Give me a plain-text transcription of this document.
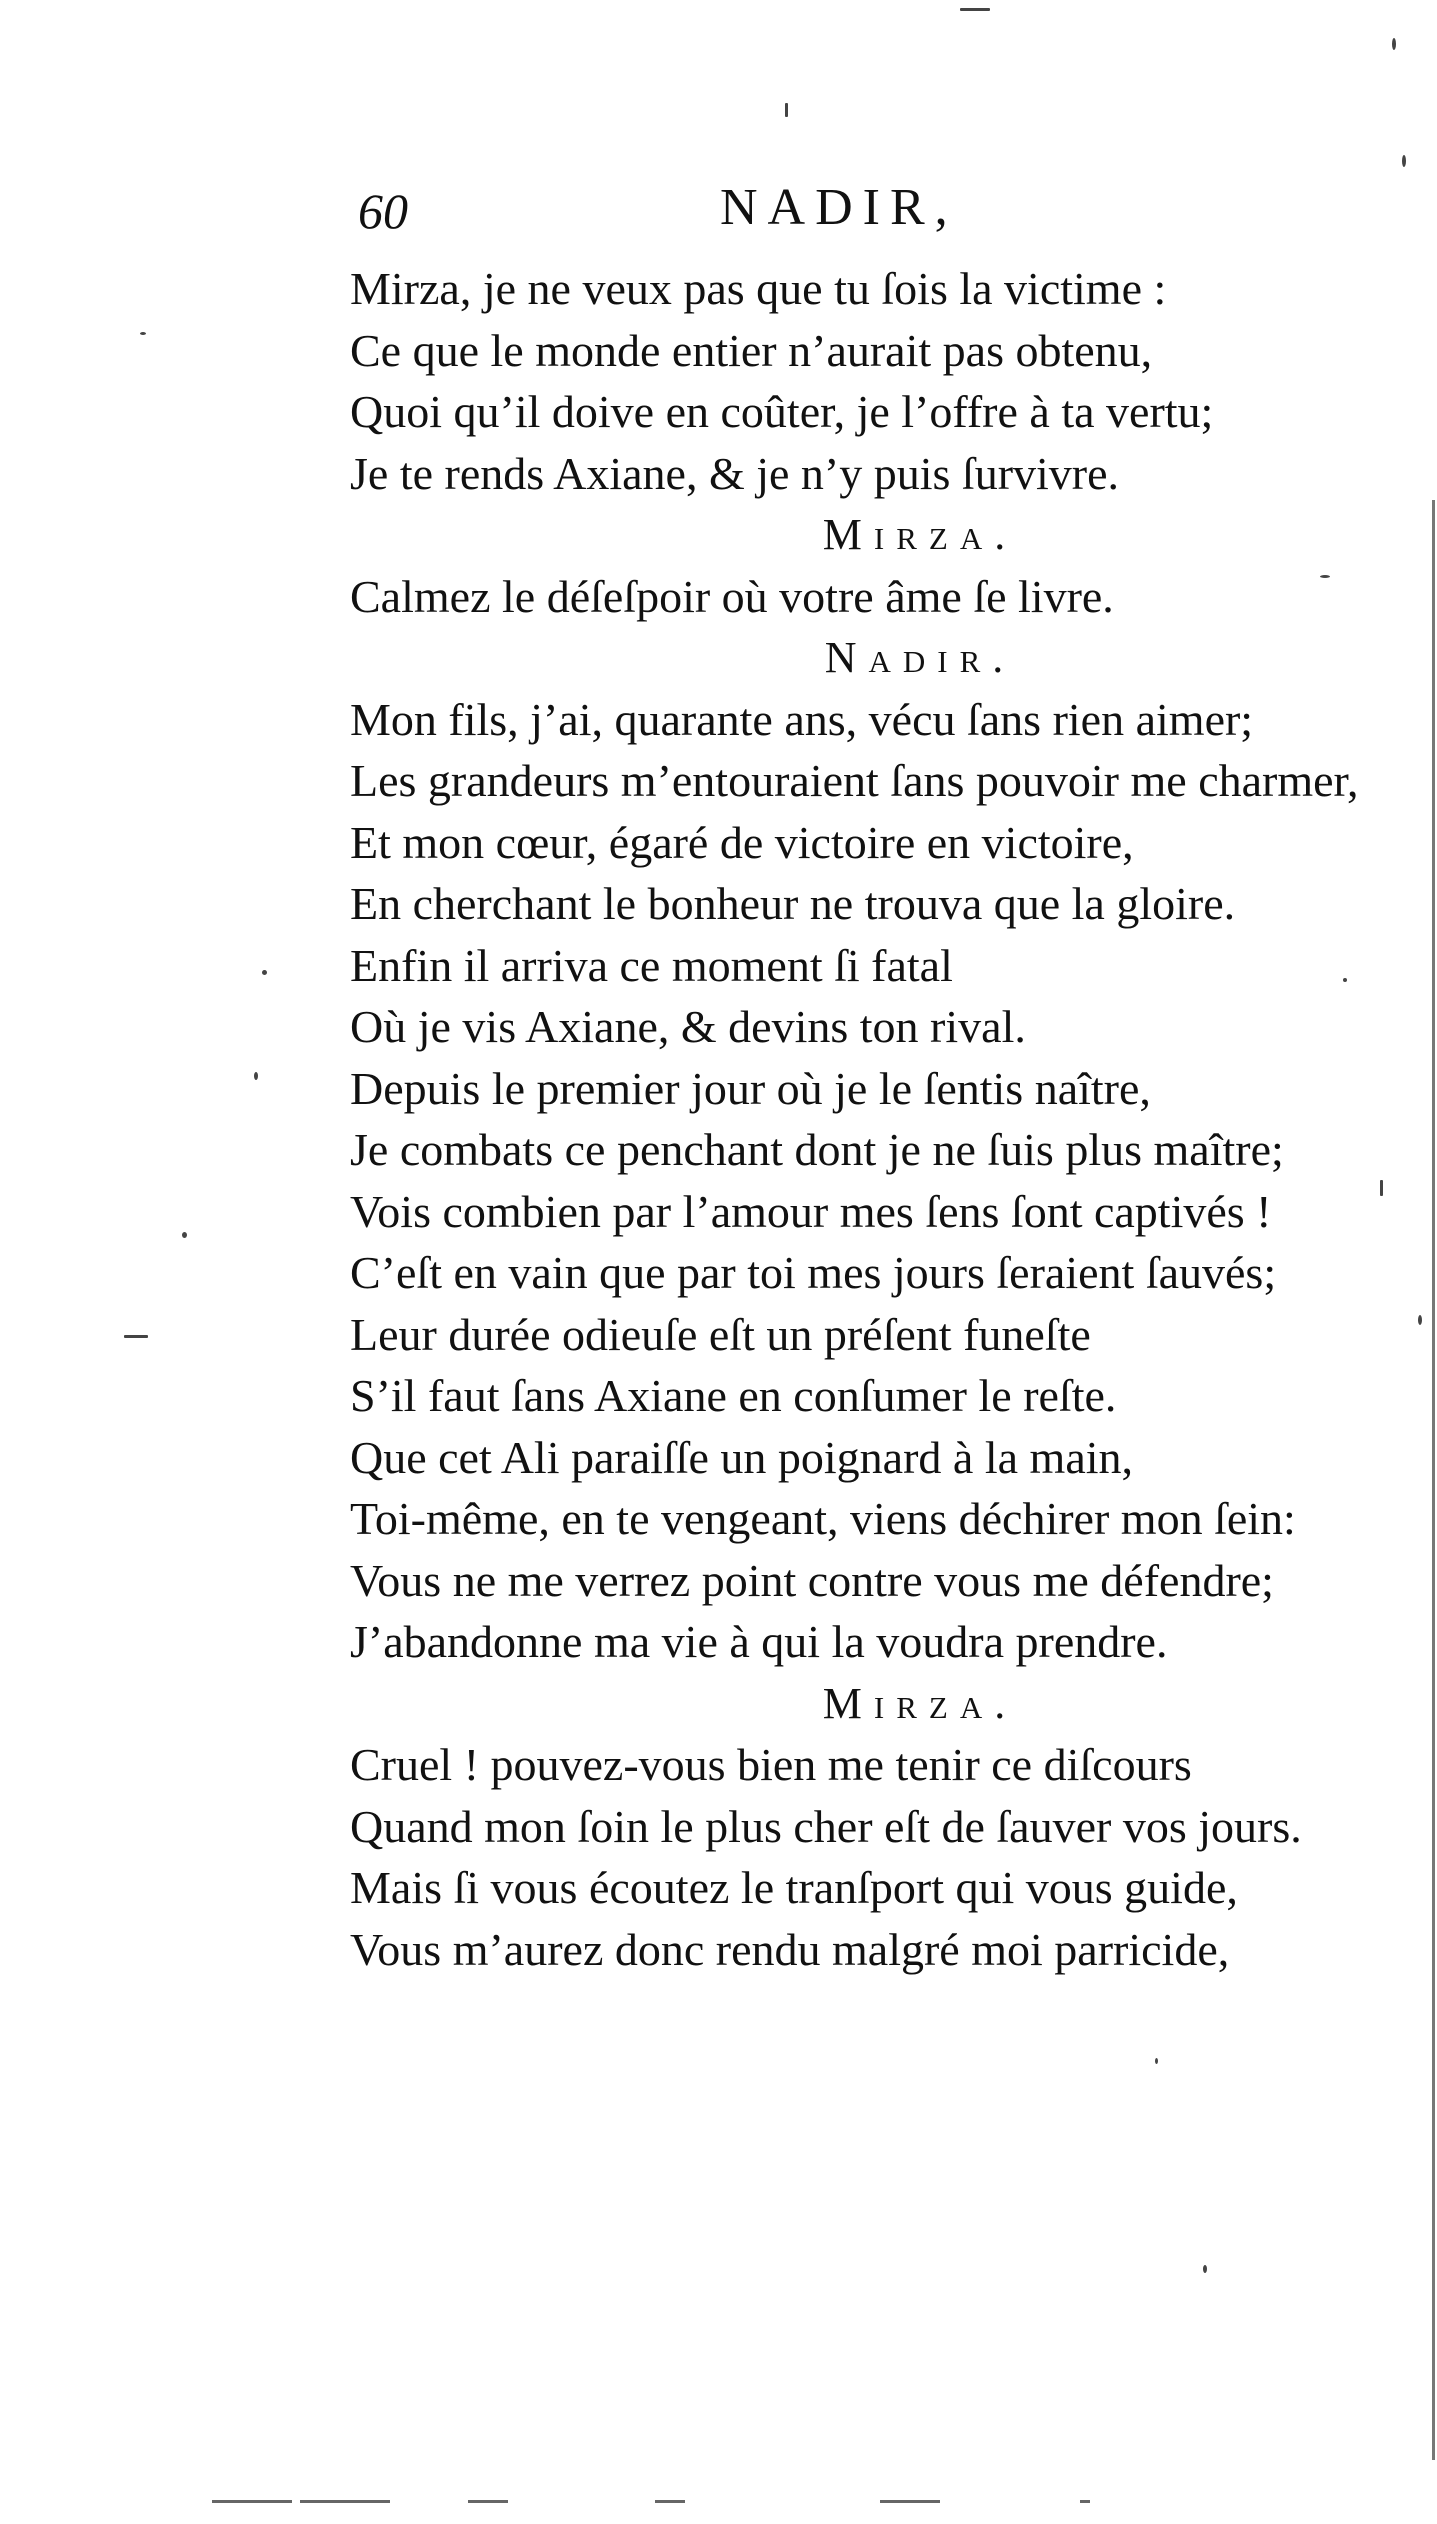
60	NADIR,
Mirza, je ne veux pas que tu ſois la victime :
Ce que le monde entier n’aurait pas obtenu,
Quoi qu’il doive en coûter, je l’offre à ta vertu;
Je te rends Axiane, & je n’y puis ſurvivre.
Mirza.
Calmez le déſeſpoir où votre âme ſe livre.
Nadir.
Mon fils, j’ai, quarante ans, vécu ſans rien aimer;
Les grandeurs m’entouraient ſans pouvoir me charmer,
Et mon cœur, égaré de victoire en victoire,
En cherchant le bonheur ne trouva que la gloire.
Enfin il arriva ce moment ſi fatal
Où je vis Axiane, & devins ton rival.
Depuis le premier jour où je le ſentis naître,
Je combats ce penchant dont je ne ſuis plus maître;
Vois combien par l’amour mes ſens ſont captivés !
C’eſt en vain que par toi mes jours ſeraient ſauvés;
Leur durée odieuſe eſt un préſent funeſte
S’il faut ſans Axiane en conſumer le reſte.
Que cet Ali paraiſſe un poignard à la main,
Toi-même, en te vengeant, viens déchirer mon ſein:
Vous ne me verrez point contre vous me défendre;
J’abandonne ma vie à qui la voudra prendre.
Mirza.
Cruel ! pouvez-vous bien me tenir ce diſcours
Quand mon ſoin le plus cher eſt de ſauver vos jours.
Mais ſi vous écoutez le tranſport qui vous guide,
Vous m’aurez donc rendu malgré moi parricide,
